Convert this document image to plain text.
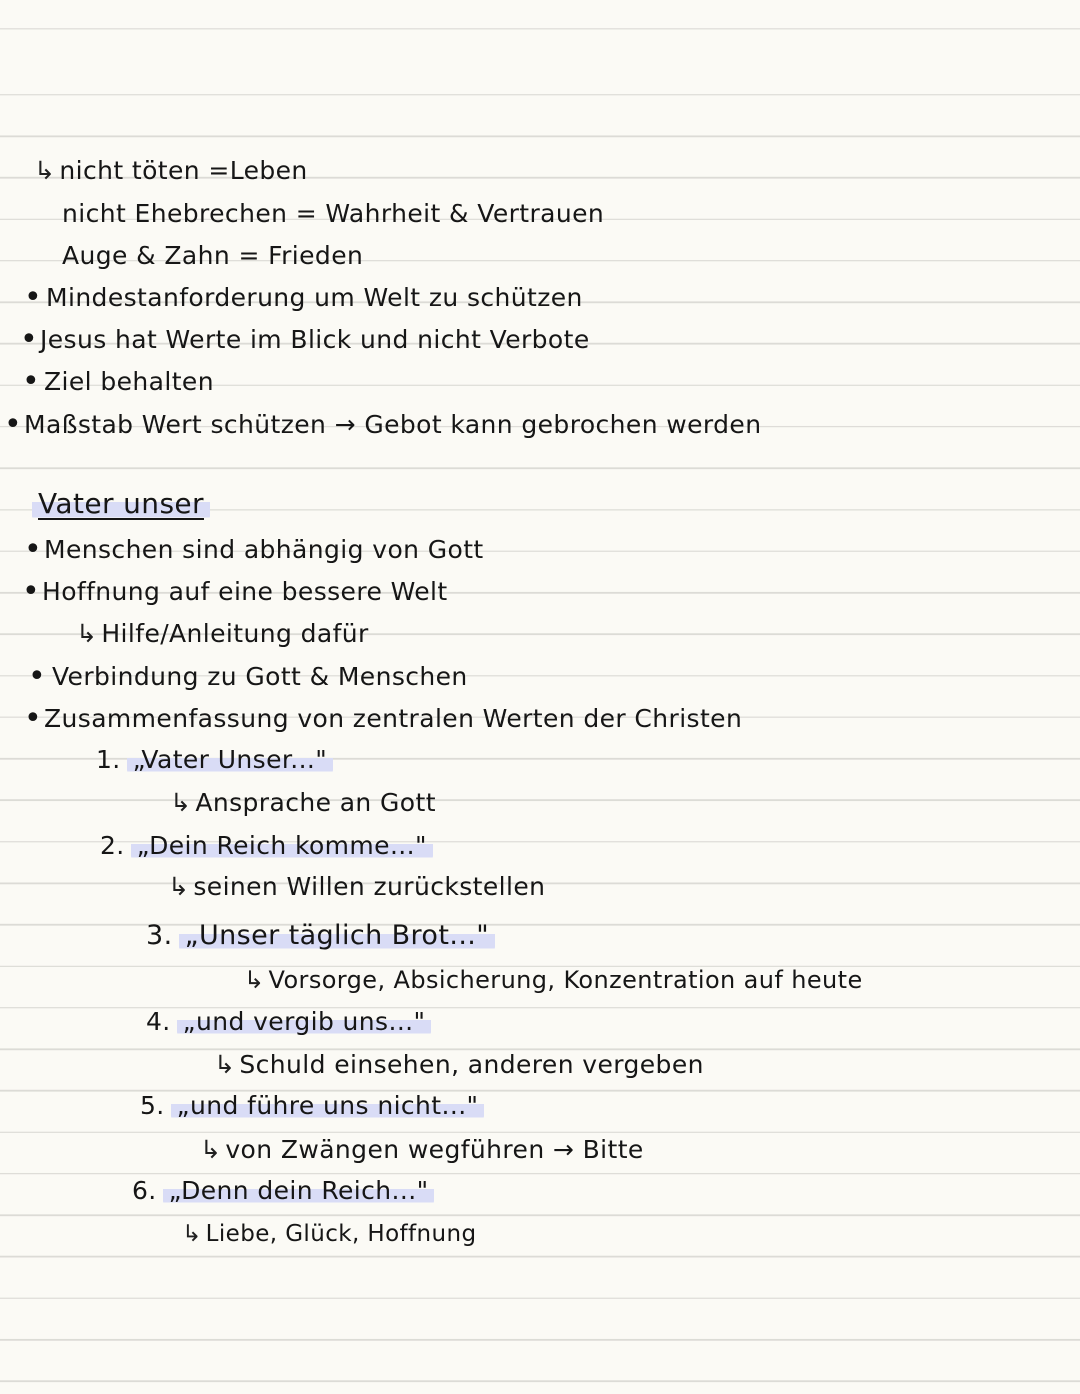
↳ nicht töten =Leben
nicht Ehebrechen = Wahrheit & Vertrauen
Auge & Zahn = Frieden
• Mindestanforderung um Welt zu schützen
• Jesus hat Werte im Blick und nicht Verbote
• Ziel behalten
• Maßstab Wert schützen → Gebot kann gebrochen werden
Vater unser
• Menschen sind abhängig von Gott
• Hoffnung auf eine bessere Welt
↳ Hilfe/Anleitung dafür
• Verbindung zu Gott & Menschen
• Zusammenfassung von zentralen Werten der Christen
1. „Vater Unser..."
↳ Ansprache an Gott
2. „Dein Reich komme..."
↳ seinen Willen zurückstellen
3. „Unser täglich Brot..."
↳ Vorsorge, Absicherung, Konzentration auf heute
4. „und vergib uns..."
↳ Schuld einsehen, anderen vergeben
5. „und führe uns nicht..."
↳ von Zwängen wegführen → Bitte
6. „Denn dein Reich..."
↳ Liebe, Glück, Hoffnung
